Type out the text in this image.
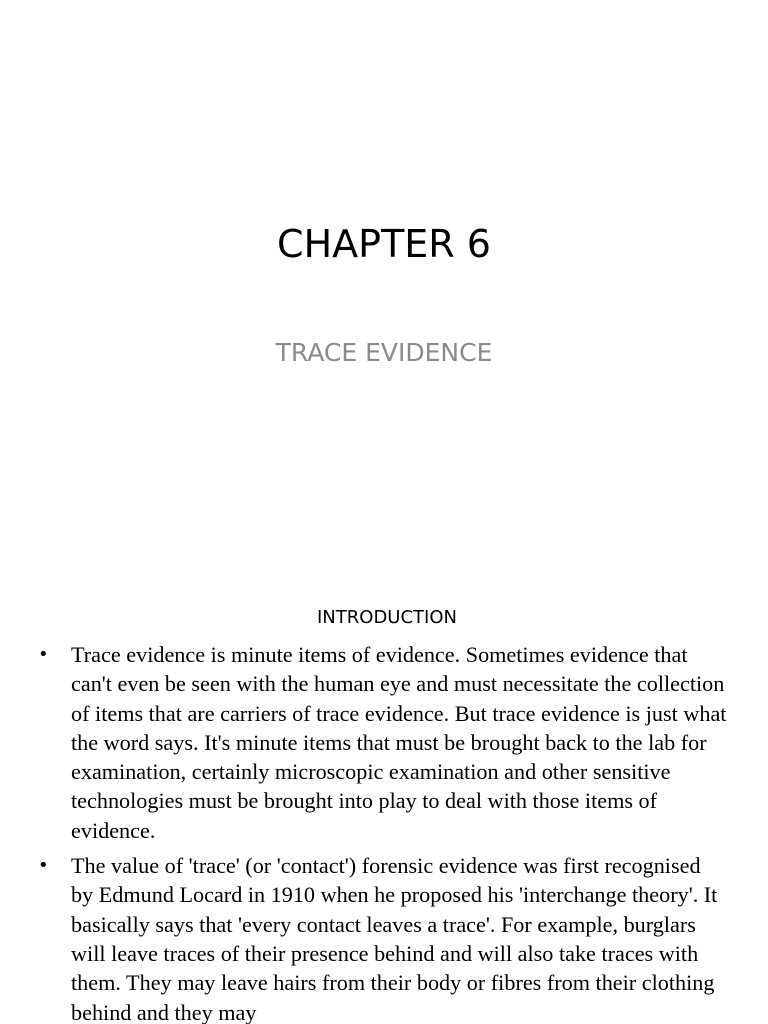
CHAPTER 6
TRACE EVIDENCE
INTRODUCTION
• Trace evidence is minute items of evidence. Sometimes evidence that can't even be seen with the human eye and must necessitate the collection of items that are carriers of trace evidence. But trace evidence is just what the word says. It's minute items that must be brought back to the lab for examination, certainly microscopic examination and other sensitive technologies must be brought into play to deal with those items of evidence.
• The value of 'trace' (or 'contact') forensic evidence was first recognised by Edmund Locard in 1910 when he proposed his 'interchange theory'. It basically says that 'every contact leaves a trace'. For example, burglars will leave traces of their presence behind and will also take traces with them. They may leave hairs from their body or fibres from their clothing behind and they may
